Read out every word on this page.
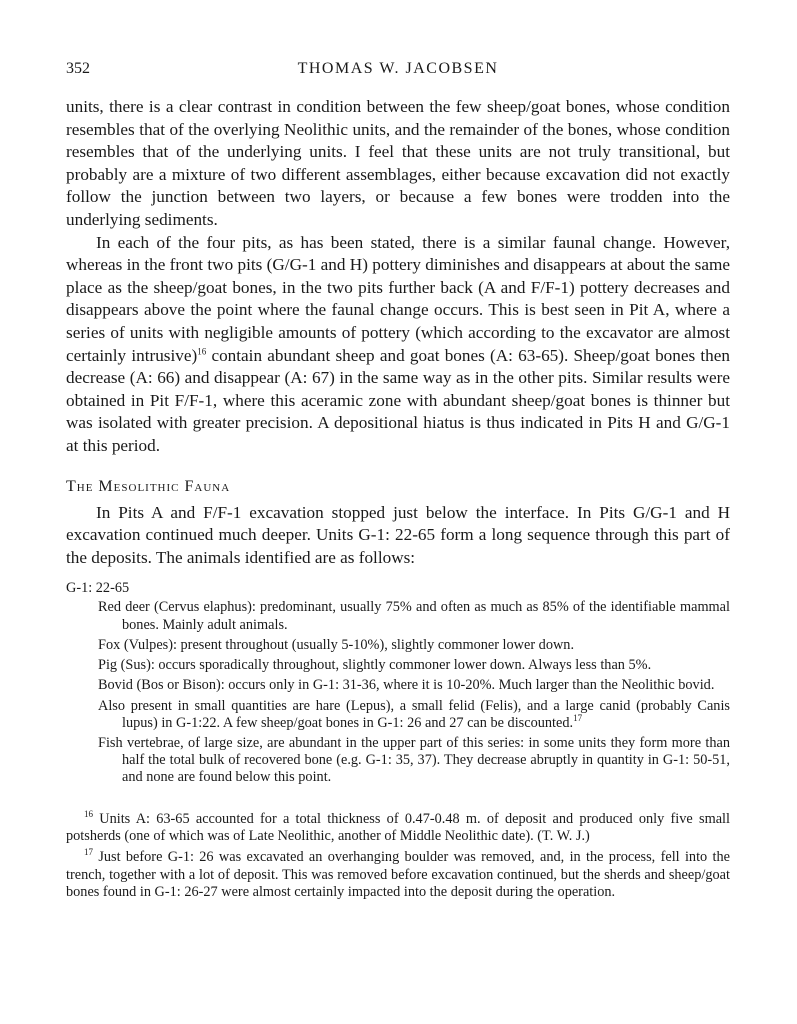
352	THOMAS W. JACOBSEN

units, there is a clear contrast in condition between the few sheep/goat bones, whose condition resembles that of the overlying Neolithic units, and the remainder of the bones, whose condition resembles that of the underlying units. I feel that these units are not truly transitional, but probably are a mixture of two different assemblages, either because excavation did not exactly follow the junction between two layers, or because a few bones were trodden into the underlying sediments.

In each of the four pits, as has been stated, there is a similar faunal change. However, whereas in the front two pits (G/G-1 and H) pottery diminishes and disappears at about the same place as the sheep/goat bones, in the two pits further back (A and F/F-1) pottery decreases and disappears above the point where the faunal change occurs. This is best seen in Pit A, where a series of units with negligible amounts of pottery (which according to the excavator are almost certainly intrusive)$^{16}$ contain abundant sheep and goat bones (A: 63-65). Sheep/goat bones then decrease (A: 66) and disappear (A: 67) in the same way as in the other pits. Similar results were obtained in Pit F/F-1, where this aceramic zone with abundant sheep/goat bones is thinner but was isolated with greater precision. A depositional hiatus is thus indicated in Pits H and G/G-1 at this period.

The Mesolithic Fauna

In Pits A and F/F-1 excavation stopped just below the interface. In Pits G/G-1 and H excavation continued much deeper. Units G-1: 22-65 form a long sequence through this part of the deposits. The animals identified are as follows:

G-1: 22-65
Red deer (Cervus elaphus): predominant, usually 75% and often as much as 85% of the identifiable mammal bones. Mainly adult animals.
Fox (Vulpes): present throughout (usually 5-10%), slightly commoner lower down.
Pig (Sus): occurs sporadically throughout, slightly commoner lower down. Always less than 5%.
Bovid (Bos or Bison): occurs only in G-1: 31-36, where it is 10-20%. Much larger than the Neolithic bovid.
Also present in small quantities are hare (Lepus), a small felid (Felis), and a large canid (probably Canis lupus) in G-1:22. A few sheep/goat bones in G-1: 26 and 27 can be discounted.$^{17}$
Fish vertebrae, of large size, are abundant in the upper part of this series: in some units they form more than half the total bulk of recovered bone (e.g. G-1: 35, 37). They decrease abruptly in quantity in G-1: 50-51, and none are found below this point.

$^{16}$ Units A: 63-65 accounted for a total thickness of 0.47-0.48 m. of deposit and produced only five small potsherds (one of which was of Late Neolithic, another of Middle Neolithic date). (T. W. J.)

$^{17}$ Just before G-1: 26 was excavated an overhanging boulder was removed, and, in the process, fell into the trench, together with a lot of deposit. This was removed before excavation continued, but the sherds and sheep/goat bones found in G-1: 26-27 were almost certainly impacted into the deposit during the operation.
